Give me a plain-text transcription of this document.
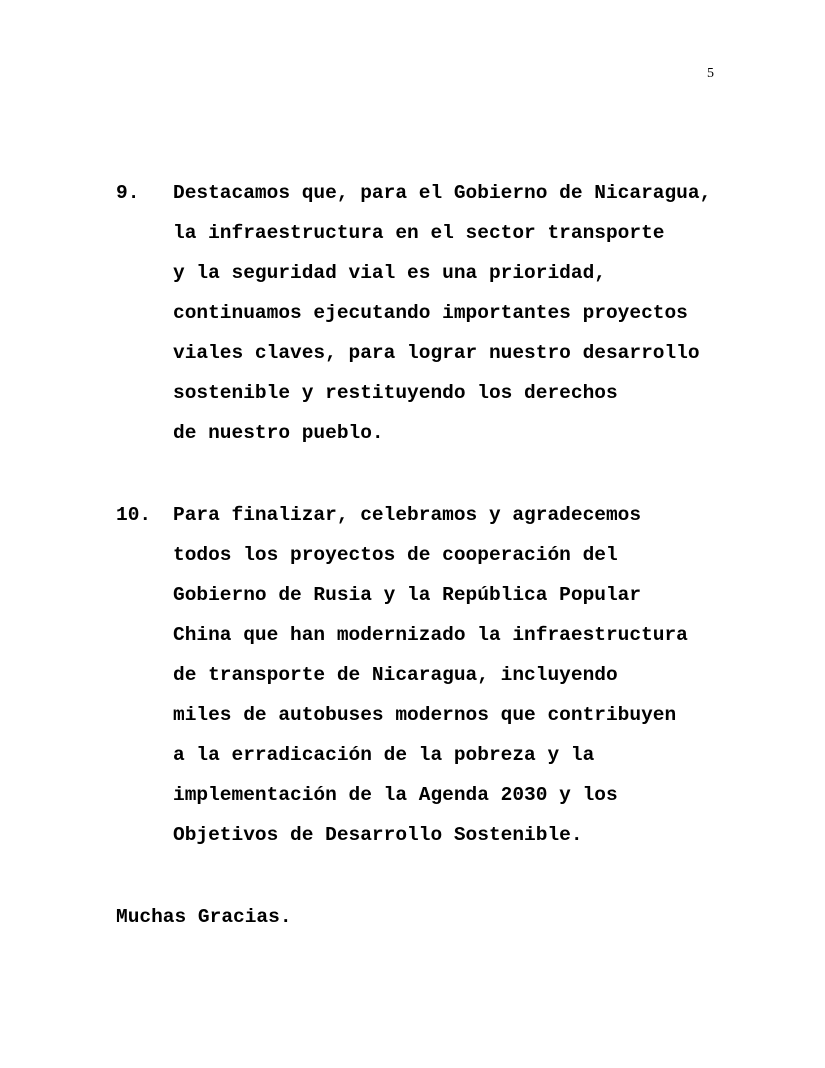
5
9. Destacamos que, para el Gobierno de Nicaragua,
la infraestructura en el sector transporte
y la seguridad vial es una prioridad,
continuamos ejecutando importantes proyectos
viales claves, para lograr nuestro desarrollo
sostenible y restituyendo los derechos
de nuestro pueblo.
10. Para finalizar, celebramos y agradecemos
todos los proyectos de cooperación del
Gobierno de Rusia y la República Popular
China que han modernizado la infraestructura
de transporte de Nicaragua, incluyendo
miles de autobuses modernos que contribuyen
a la erradicación de la pobreza y la
implementación de la Agenda 2030 y los
Objetivos de Desarrollo Sostenible.
Muchas Gracias.
